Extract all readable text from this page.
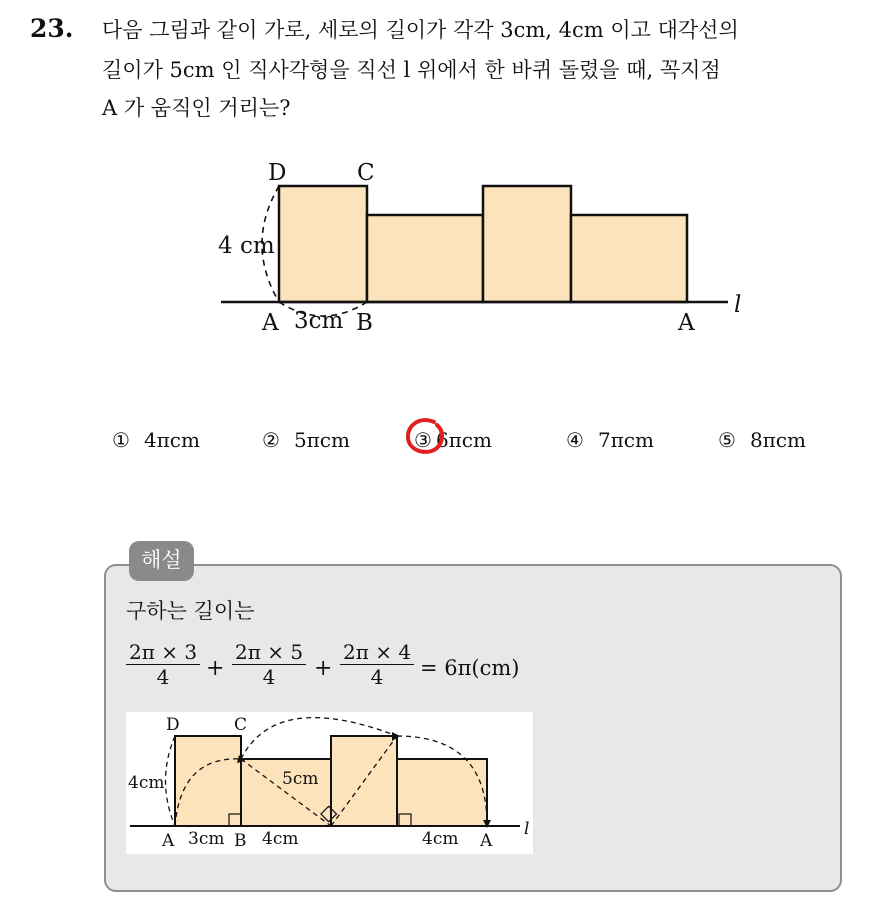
23. 다음 그림과 같이 가로, 세로의 길이가 각각 3cm, 4cm 이고 대각선의
길이가 5cm 인 직사각형을 직선 l 위에서 한 바퀴 돌렸을 때, 꼭지점
A 가 움직인 거리는?
D	C
A	B	A
l
4 cm
3cm
① 4πcm	② 5πcm	③ 6πcm	④ 7πcm	⑤ 8πcm
해설
구하는 길이는
$\frac{2\pi \times 3}{4} + \frac{2\pi \times 5}{4} + \frac{2\pi \times 4}{4} = 6\pi(cm)$
D	C
A	B	A
l
4cm
3cm 4cm	4cm
5cm
